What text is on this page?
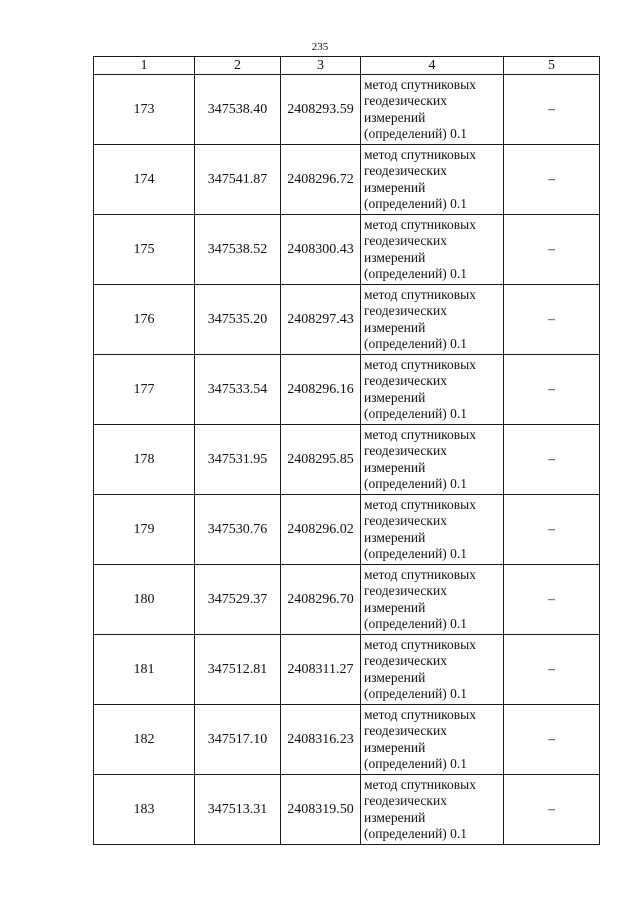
235
1	2	3	4	5
173	347538.40	2408293.59	метод спутниковых геодезических измерений (определений) 0.1	–
174	347541.87	2408296.72	метод спутниковых геодезических измерений (определений) 0.1	–
175	347538.52	2408300.43	метод спутниковых геодезических измерений (определений) 0.1	–
176	347535.20	2408297.43	метод спутниковых геодезических измерений (определений) 0.1	–
177	347533.54	2408296.16	метод спутниковых геодезических измерений (определений) 0.1	–
178	347531.95	2408295.85	метод спутниковых геодезических измерений (определений) 0.1	–
179	347530.76	2408296.02	метод спутниковых геодезических измерений (определений) 0.1	–
180	347529.37	2408296.70	метод спутниковых геодезических измерений (определений) 0.1	–
181	347512.81	2408311.27	метод спутниковых геодезических измерений (определений) 0.1	–
182	347517.10	2408316.23	метод спутниковых геодезических измерений (определений) 0.1	–
183	347513.31	2408319.50	метод спутниковых геодезических измерений (определений) 0.1	–
